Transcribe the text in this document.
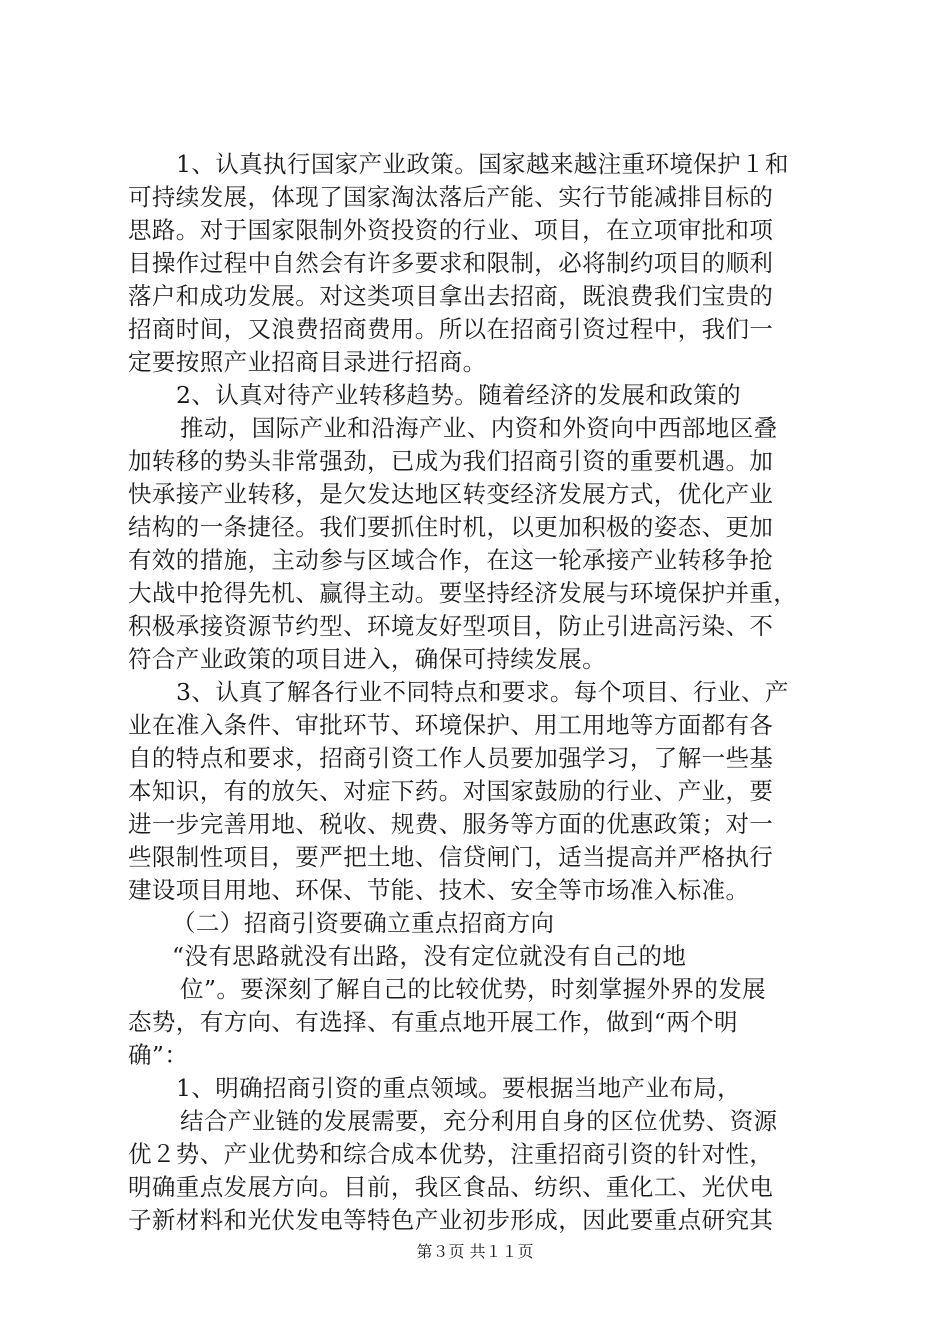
1、认真执行国家产业政策。国家越来越注重环境保护１和
可持续发展，体现了国家淘汰落后产能、实行节能减排目标的
思路。对于国家限制外资投资的行业、项目，在立项审批和项
目操作过程中自然会有许多要求和限制，必将制约项目的顺利
落户和成功发展。对这类项目拿出去招商，既浪费我们宝贵的
招商时间，又浪费招商费用。所以在招商引资过程中，我们一
定要按照产业招商目录进行招商。
2、认真对待产业转移趋势。随着经济的发展和政策的
推动，国际产业和沿海产业、内资和外资向中西部地区叠
加转移的势头非常强劲，已成为我们招商引资的重要机遇。加
快承接产业转移，是欠发达地区转变经济发展方式，优化产业
结构的一条捷径。我们要抓住时机，以更加积极的姿态、更加
有效的措施，主动参与区域合作，在这一轮承接产业转移争抢
大战中抢得先机、赢得主动。要坚持经济发展与环境保护并重，
积极承接资源节约型、环境友好型项目，防止引进高污染、不
符合产业政策的项目进入，确保可持续发展。
3、认真了解各行业不同特点和要求。每个项目、行业、产
业在准入条件、审批环节、环境保护、用工用地等方面都有各
自的特点和要求，招商引资工作人员要加强学习，了解一些基
本知识，有的放矢、对症下药。对国家鼓励的行业、产业，要
进一步完善用地、税收、规费、服务等方面的优惠政策；对一
些限制性项目，要严把土地、信贷闸门，适当提高并严格执行
建设项目用地、环保、节能、技术、安全等市场准入标准。
（二）招商引资要确立重点招商方向
“没有思路就没有出路，没有定位就没有自己的地
位”。要深刻了解自己的比较优势，时刻掌握外界的发展
态势，有方向、有选择、有重点地开展工作，做到“两个明
确”：
1、明确招商引资的重点领域。要根据当地产业布局，
结合产业链的发展需要，充分利用自身的区位优势、资源
优２势、产业优势和综合成本优势，注重招商引资的针对性，
明确重点发展方向。目前，我区食品、纺织、重化工、光伏电
子新材料和光伏发电等特色产业初步形成，因此要重点研究其
第３页 共１１页
